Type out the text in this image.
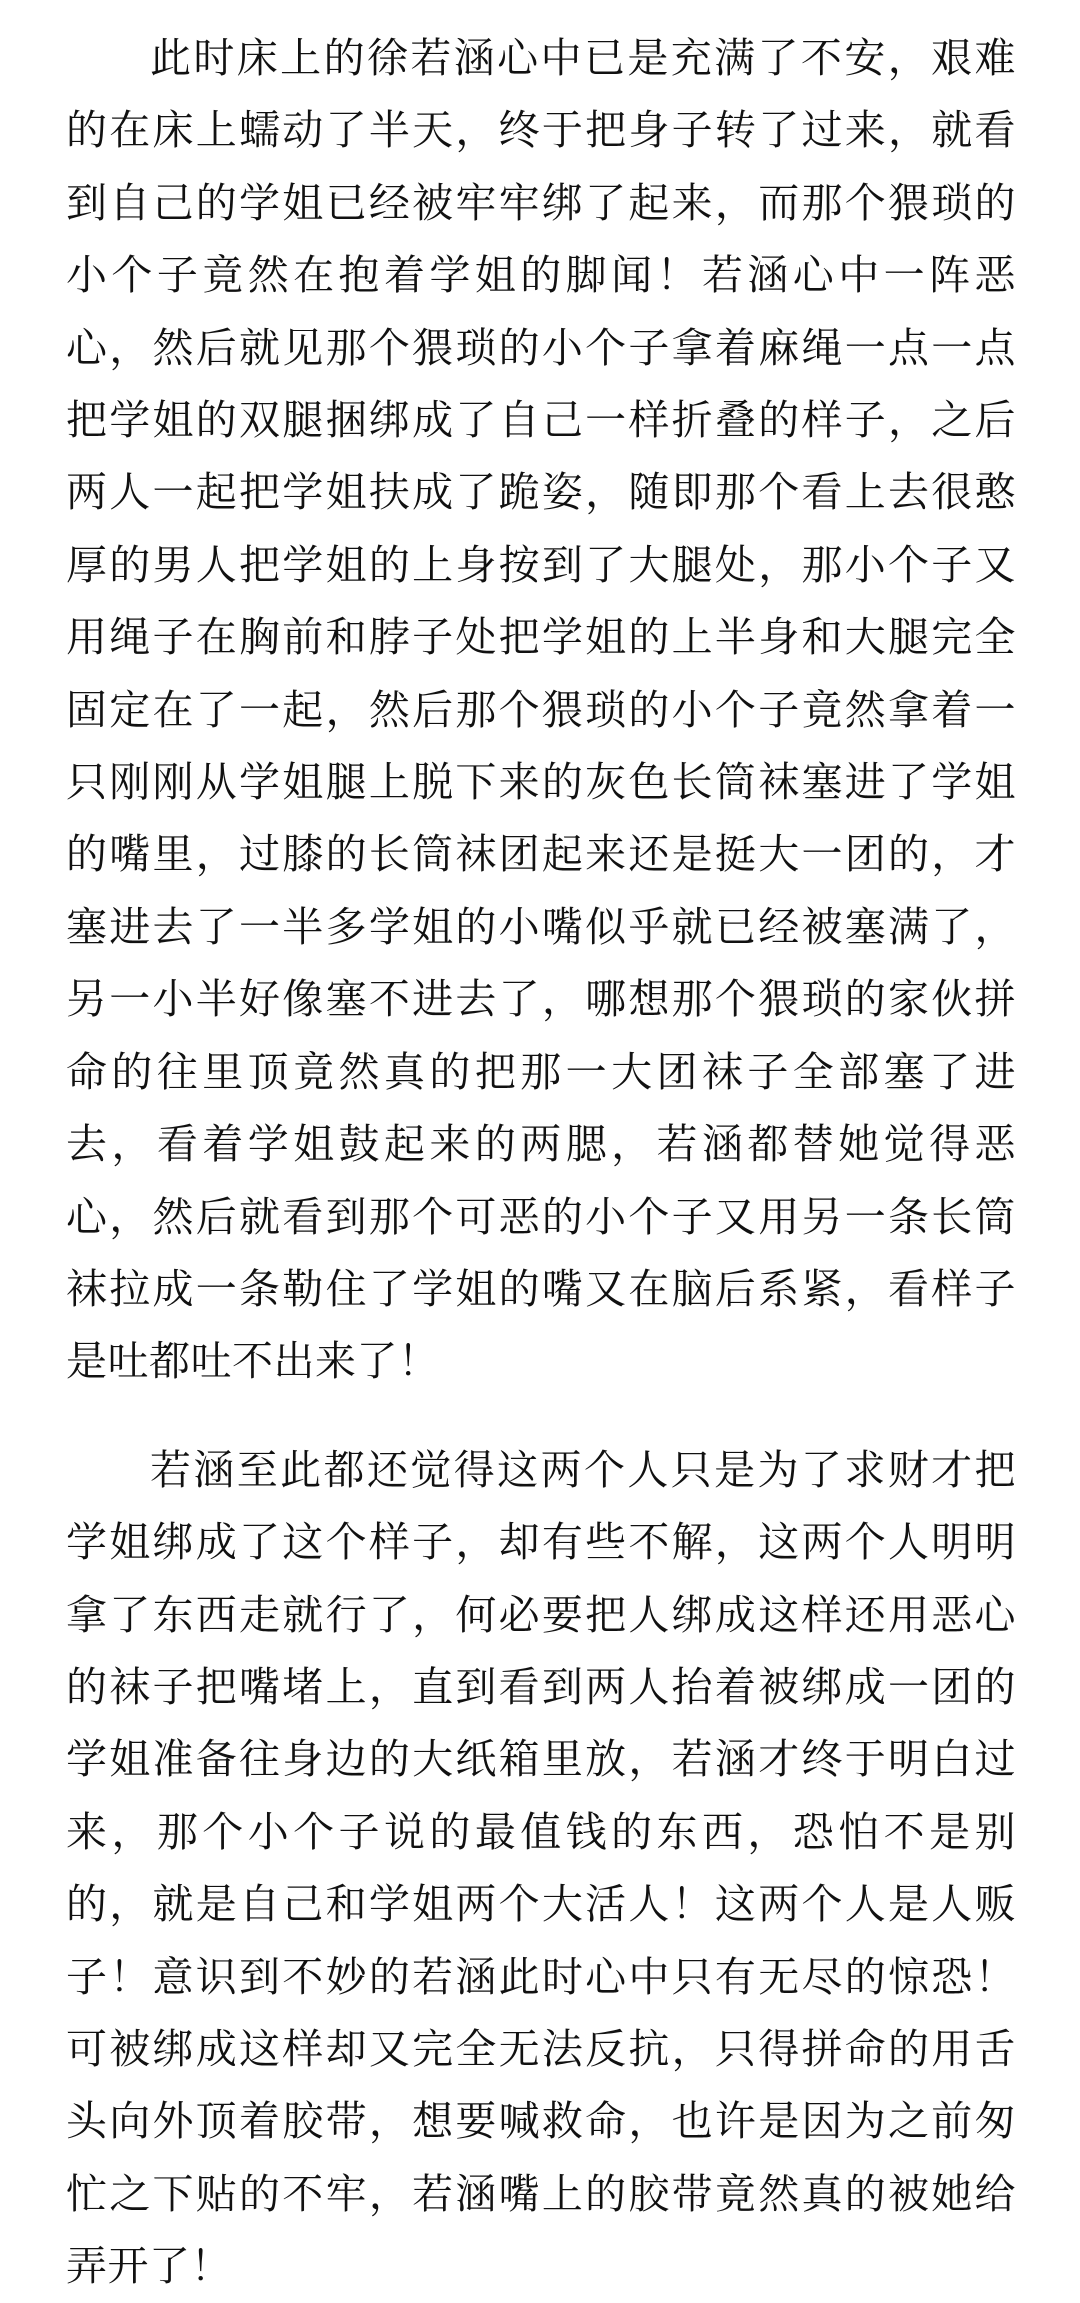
此时床上的徐若涵心中已是充满了不安，艰难的在床上蠕动了半天，终于把身子转了过来，就看到自己的学姐已经被牢牢绑了起来，而那个猥琐的小个子竟然在抱着学姐的脚闻！若涵心中一阵恶心，然后就见那个猥琐的小个子拿着麻绳一点一点把学姐的双腿捆绑成了自己一样折叠的样子，之后两人一起把学姐扶成了跪姿，随即那个看上去很憨厚的男人把学姐的上身按到了大腿处，那小个子又用绳子在胸前和脖子处把学姐的上半身和大腿完全固定在了一起，然后那个猥琐的小个子竟然拿着一只刚刚从学姐腿上脱下来的灰色长筒袜塞进了学姐的嘴里，过膝的长筒袜团起来还是挺大一团的，才塞进去了一半多学姐的小嘴似乎就已经被塞满了，另一小半好像塞不进去了，哪想那个猥琐的家伙拼命的往里顶竟然真的把那一大团袜子全部塞了进去，看着学姐鼓起来的两腮，若涵都替她觉得恶心，然后就看到那个可恶的小个子又用另一条长筒袜拉成一条勒住了学姐的嘴又在脑后系紧，看样子是吐都吐不出来了！

若涵至此都还觉得这两个人只是为了求财才把学姐绑成了这个样子，却有些不解，这两个人明明拿了东西走就行了，何必要把人绑成这样还用恶心的袜子把嘴堵上，直到看到两人抬着被绑成一团的学姐准备往身边的大纸箱里放，若涵才终于明白过来，那个小个子说的最值钱的东西，恐怕不是别的，就是自己和学姐两个大活人！这两个人是人贩子！意识到不妙的若涵此时心中只有无尽的惊恐！可被绑成这样却又完全无法反抗，只得拼命的用舌头向外顶着胶带，想要喊救命，也许是因为之前匆忙之下贴的不牢，若涵嘴上的胶带竟然真的被她给弄开了！
